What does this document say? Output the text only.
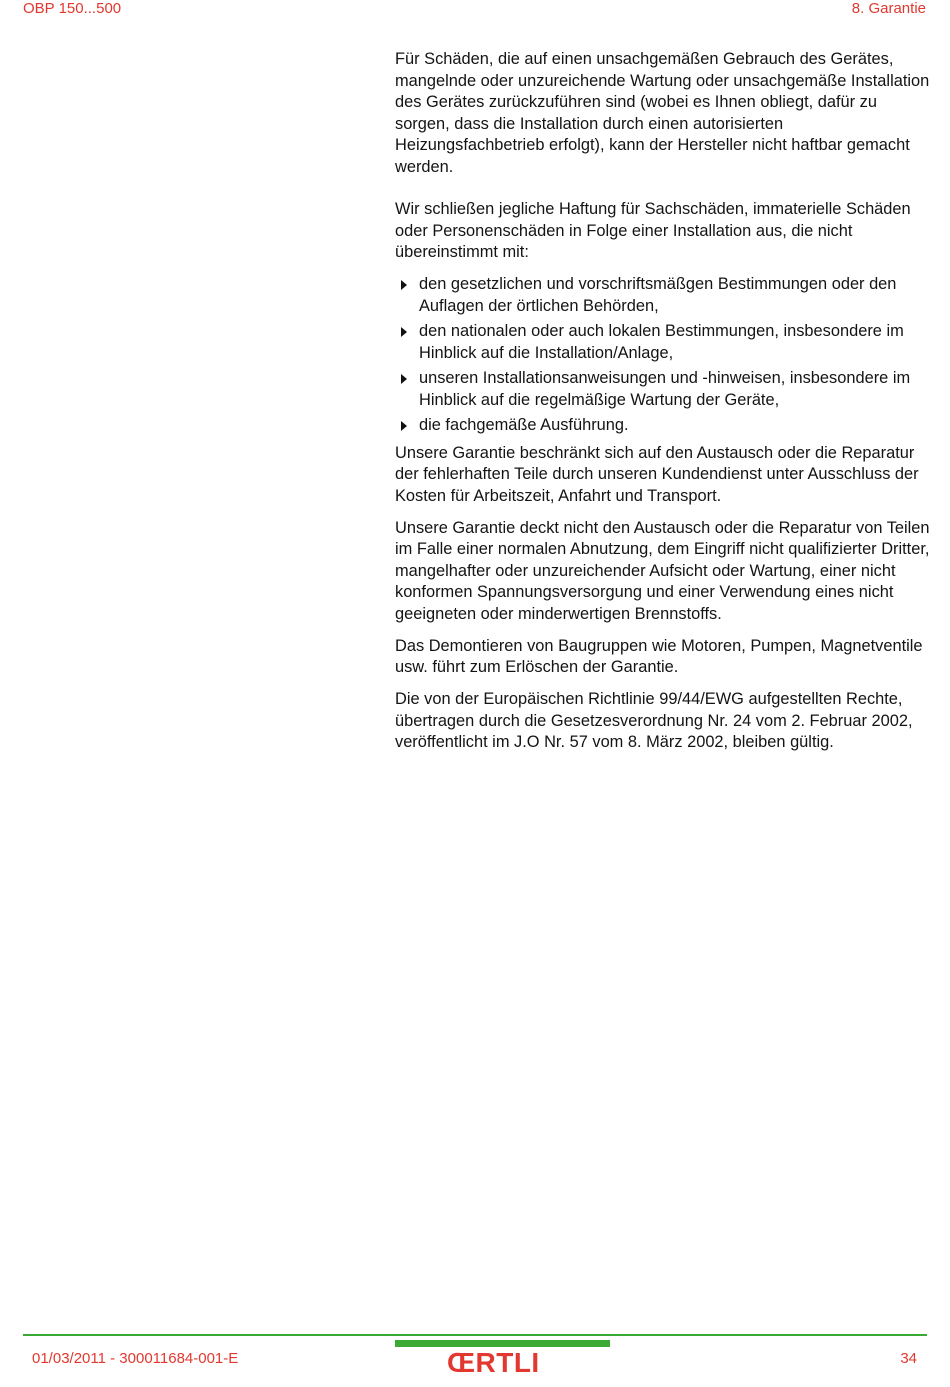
OBP 150...500	8. Garantie

Für Schäden, die auf einen unsachgemäßen Gebrauch des Gerätes, mangelnde oder unzureichende Wartung oder unsachgemäße Installation des Gerätes zurückzuführen sind (wobei es Ihnen obliegt, dafür zu sorgen, dass die Installation durch einen autorisierten Heizungsfachbetrieb erfolgt), kann der Hersteller nicht haftbar gemacht werden.

Wir schließen jegliche Haftung für Sachschäden, immaterielle Schäden oder Personenschäden in Folge einer Installation aus, die nicht übereinstimmt mit:

den gesetzlichen und vorschriftsmäßgen Bestimmungen oder den Auflagen der örtlichen Behörden,
den nationalen oder auch lokalen Bestimmungen, insbesondere im Hinblick auf die Installation/Anlage,
unseren Installationsanweisungen und -hinweisen, insbesondere im Hinblick auf die regelmäßige Wartung der Geräte,
die fachgemäße Ausführung.

Unsere Garantie beschränkt sich auf den Austausch oder die Reparatur der fehlerhaften Teile durch unseren Kundendienst unter Ausschluss der Kosten für Arbeitszeit, Anfahrt und Transport.

Unsere Garantie deckt nicht den Austausch oder die Reparatur von Teilen im Falle einer normalen Abnutzung, dem Eingriff nicht qualifizierter Dritter, mangelhafter oder unzureichender Aufsicht oder Wartung, einer nicht konformen Spannungsversorgung und einer Verwendung eines nicht geeigneten oder minderwertigen Brennstoffs.

Das Demontieren von Baugruppen wie Motoren, Pumpen, Magnetventile usw. führt zum Erlöschen der Garantie.

Die von der Europäischen Richtlinie 99/44/EWG aufgestellten Rechte, übertragen durch die Gesetzesverordnung Nr. 24 vom 2. Februar 2002, veröffentlicht im J.O Nr. 57 vom 8. März 2002, bleiben gültig.

01/03/2011 - 300011684-001-E	ŒRTLI	34
